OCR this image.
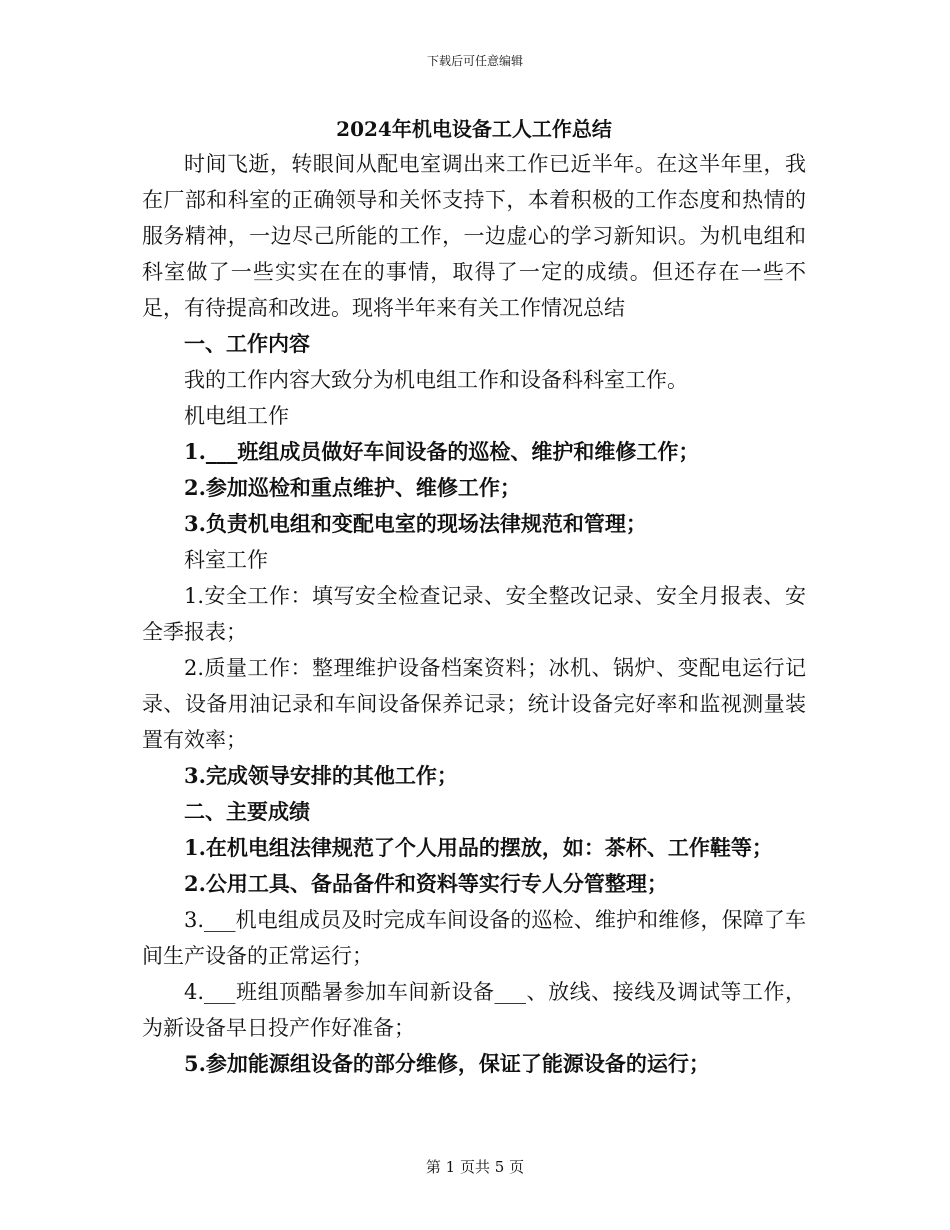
下载后可任意编辑
2024年机电设备工人工作总结

时间飞逝，转眼间从配电室调出来工作已近半年。在这半年里，我在厂部和科室的正确领导和关怀支持下，本着积极的工作态度和热情的服务精神，一边尽己所能的工作，一边虚心的学习新知识。为机电组和科室做了一些实实在在的事情，取得了一定的成绩。但还存在一些不足，有待提高和改进。现将半年来有关工作情况总结

一、工作内容

我的工作内容大致分为机电组工作和设备科科室工作。

机电组工作

1.___班组成员做好车间设备的巡检、维护和维修工作；

2.参加巡检和重点维护、维修工作；

3.负责机电组和变配电室的现场法律规范和管理；

科室工作

1.安全工作：填写安全检查记录、安全整改记录、安全月报表、安全季报表；

2.质量工作：整理维护设备档案资料；冰机、锅炉、变配电运行记录、设备用油记录和车间设备保养记录；统计设备完好率和监视测量装置有效率；

3.完成领导安排的其他工作；

二、主要成绩

1.在机电组法律规范了个人用品的摆放，如：茶杯、工作鞋等；

2.公用工具、备品备件和资料等实行专人分管整理；

3.___机电组成员及时完成车间设备的巡检、维护和维修，保障了车间生产设备的正常运行；

4.___班组顶酷暑参加车间新设备___、放线、接线及调试等工作，为新设备早日投产作好准备；

5.参加能源组设备的部分维修，保证了能源设备的运行；

第 1 页共 5 页
